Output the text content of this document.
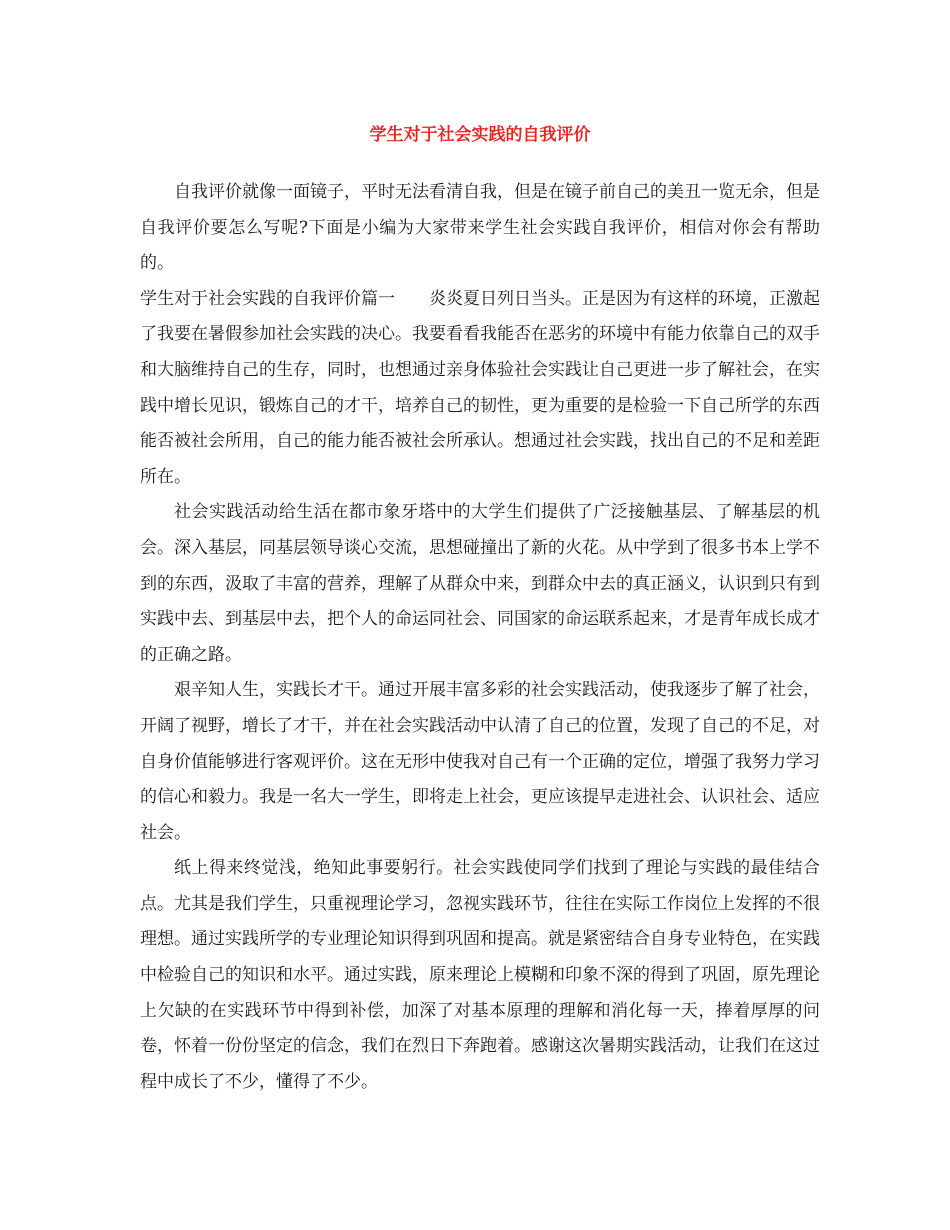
学生对于社会实践的自我评价

自我评价就像一面镜子，平时无法看清自我，但是在镜子前自己的美丑一览无余，但是自我评价要怎么写呢?下面是小编为大家带来学生社会实践自我评价，相信对你会有帮助的。

学生对于社会实践的自我评价篇一　　炎炎夏日列日当头。正是因为有这样的环境，正激起了我要在暑假参加社会实践的决心。我要看看我能否在恶劣的环境中有能力依靠自己的双手和大脑维持自己的生存，同时，也想通过亲身体验社会实践让自己更进一步了解社会，在实践中增长见识，锻炼自己的才干，培养自己的韧性，更为重要的是检验一下自己所学的东西能否被社会所用，自己的能力能否被社会所承认。想通过社会实践，找出自己的不足和差距所在。

社会实践活动给生活在都市象牙塔中的大学生们提供了广泛接触基层、了解基层的机会。深入基层，同基层领导谈心交流，思想碰撞出了新的火花。从中学到了很多书本上学不到的东西，汲取了丰富的营养，理解了从群众中来，到群众中去的真正涵义，认识到只有到实践中去、到基层中去，把个人的命运同社会、同国家的命运联系起来，才是青年成长成才的正确之路。

艰辛知人生，实践长才干。通过开展丰富多彩的社会实践活动，使我逐步了解了社会，开阔了视野，增长了才干，并在社会实践活动中认清了自己的位置，发现了自己的不足，对自身价值能够进行客观评价。这在无形中使我对自己有一个正确的定位，增强了我努力学习的信心和毅力。我是一名大一学生，即将走上社会，更应该提早走进社会、认识社会、适应社会。

纸上得来终觉浅，绝知此事要躬行。社会实践使同学们找到了理论与实践的最佳结合点。尤其是我们学生，只重视理论学习，忽视实践环节，往往在实际工作岗位上发挥的不很理想。通过实践所学的专业理论知识得到巩固和提高。就是紧密结合自身专业特色，在实践中检验自己的知识和水平。通过实践，原来理论上模糊和印象不深的得到了巩固，原先理论上欠缺的在实践环节中得到补偿，加深了对基本原理的理解和消化每一天，捧着厚厚的问卷，怀着一份份坚定的信念，我们在烈日下奔跑着。感谢这次暑期实践活动，让我们在这过程中成长了不少，懂得了不少。
